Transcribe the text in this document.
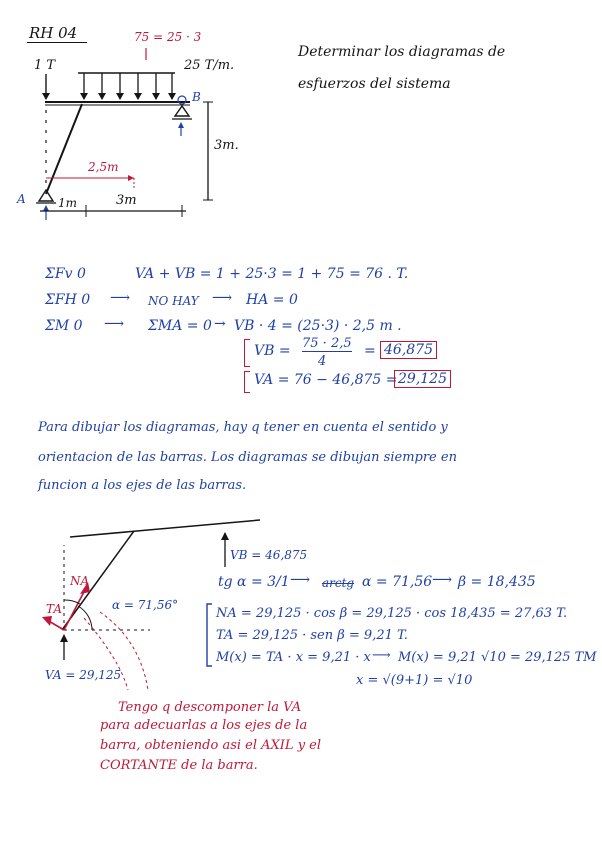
RH 04
Determinar los diagramas de
esfuerzos del sistema
75 = 25 · 3
1 T	25 T/m.
B
A
3m.
1m	3m
2,5m
ΣFv 0	VA + VB = 1 + 25·3 = 1 + 75 = 76 . T.
ΣFH 0 ⟶ NO HAY ⟶ HA = 0
ΣM 0 ⟶ ΣMA = 0 → VB · 4 = (25·3) · 2,5 m .
VB = 75 · 2,5
4
= 46,875
VA = 76 − 46,875 = 29,125
Para dibujar los diagramas, hay q tener en cuenta el sentido y
orientacion de las barras. Los diagramas se dibujan siempre en
funcion a los ejes de las barras.
VB = 46,875
VA = 29,125
α = 71,56°
TA
NA	tg α = 3/1 ⟶ arctg α = 71,56 ⟶ β = 18,435
NA = 29,125 · cos β = 29,125 · cos 18,435 = 27,63 T.
TA = 29,125 · sen β = 9,21 T.
M(x) = TA · x = 9,21 · x ⟶ M(x) = 9,21 √10 = 29,125 TM
x = √(9+1) = √10
Tengo q descomponer la VA
para adecuarlas a los ejes de la
barra, obteniendo asi el AXIL y el
CORTANTE de la barra.
